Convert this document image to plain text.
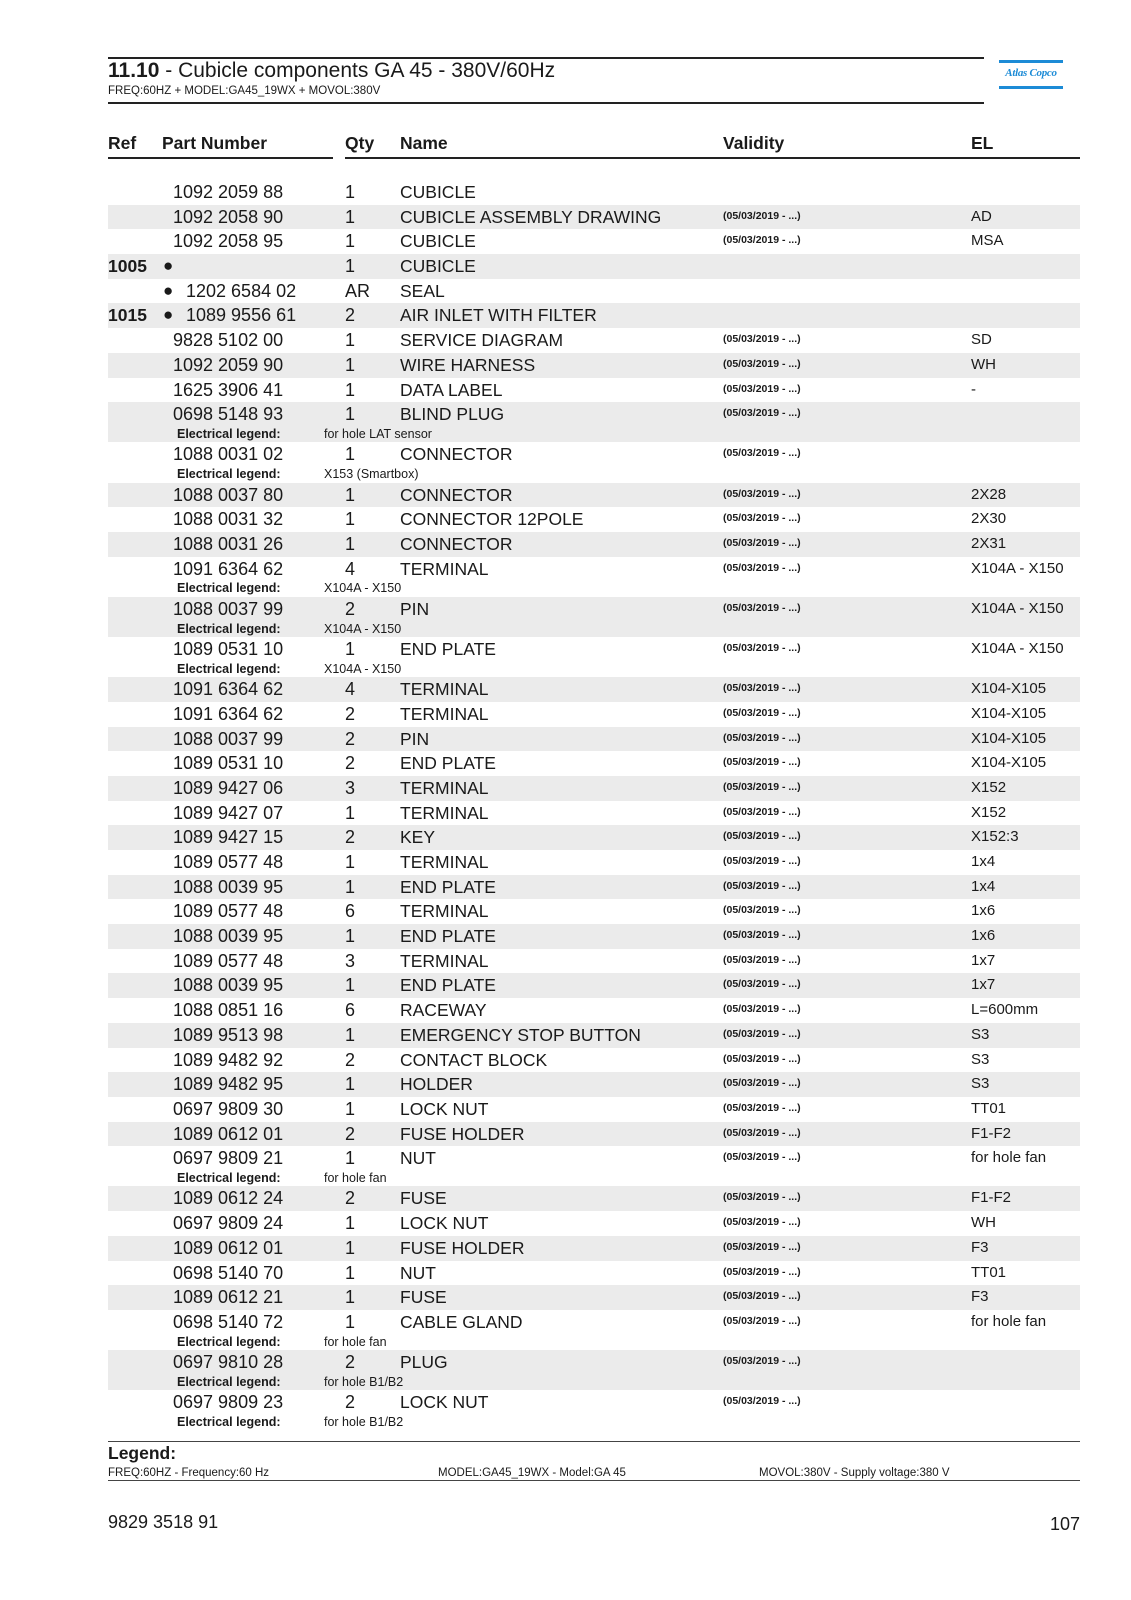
11.10 - Cubicle components GA 45 - 380V/60Hz
FREQ:60HZ + MODEL:GA45_19WX + MOVOL:380V
Atlas Copco
Ref Part Number	Qty Name	Validity	EL
1092 2059 88	1	CUBICLE
1092 2058 90	1	CUBICLE ASSEMBLY DRAWING	(05/03/2019 - ...)	AD
1092 2058 95	1	CUBICLE	(05/03/2019 - ...)	MSA
1005 ●	1	CUBICLE
● 1202 6584 02	AR SEAL
1015 ● 1089 9556 61	2	AIR INLET WITH FILTER
9828 5102 00	1	SERVICE DIAGRAM	(05/03/2019 - ...)	SD
1092 2059 90	1	WIRE HARNESS	(05/03/2019 - ...)	WH
1625 3906 41	1	DATA LABEL	(05/03/2019 - ...)	-
0698 5148 93	1	BLIND PLUG	(05/03/2019 - ...)
Electrical legend:	for hole LAT sensor
1088 0031 02	1	CONNECTOR	(05/03/2019 - ...)
Electrical legend:	X153 (Smartbox)
1088 0037 80	1	CONNECTOR	(05/03/2019 - ...)	2X28
1088 0031 32	1	CONNECTOR 12POLE	(05/03/2019 - ...)	2X30
1088 0031 26	1	CONNECTOR	(05/03/2019 - ...)	2X31
1091 6364 62	4	TERMINAL	(05/03/2019 - ...)	X104A - X150
Electrical legend:	X104A - X150
1088 0037 99	2	PIN	(05/03/2019 - ...)	X104A - X150
Electrical legend:	X104A - X150
1089 0531 10	1	END PLATE	(05/03/2019 - ...)	X104A - X150
Electrical legend:	X104A - X150
1091 6364 62	4	TERMINAL	(05/03/2019 - ...)	X104-X105
1091 6364 62	2	TERMINAL	(05/03/2019 - ...)	X104-X105
1088 0037 99	2	PIN	(05/03/2019 - ...)	X104-X105
1089 0531 10	2	END PLATE	(05/03/2019 - ...)	X104-X105
1089 9427 06	3	TERMINAL	(05/03/2019 - ...)	X152
1089 9427 07	1	TERMINAL	(05/03/2019 - ...)	X152
1089 9427 15	2	KEY	(05/03/2019 - ...)	X152:3
1089 0577 48	1	TERMINAL	(05/03/2019 - ...)	1x4
1088 0039 95	1	END PLATE	(05/03/2019 - ...)	1x4
1089 0577 48	6	TERMINAL	(05/03/2019 - ...)	1x6
1088 0039 95	1	END PLATE	(05/03/2019 - ...)	1x6
1089 0577 48	3	TERMINAL	(05/03/2019 - ...)	1x7
1088 0039 95	1	END PLATE	(05/03/2019 - ...)	1x7
1088 0851 16	6	RACEWAY	(05/03/2019 - ...)	L=600mm
1089 9513 98	1	EMERGENCY STOP BUTTON	(05/03/2019 - ...)	S3
1089 9482 92	2	CONTACT BLOCK	(05/03/2019 - ...)	S3
1089 9482 95	1	HOLDER	(05/03/2019 - ...)	S3
0697 9809 30	1	LOCK NUT	(05/03/2019 - ...)	TT01
1089 0612 01	2	FUSE HOLDER	(05/03/2019 - ...)	F1-F2
0697 9809 21	1	NUT	(05/03/2019 - ...)	for hole fan
Electrical legend:	for hole fan
1089 0612 24	2	FUSE	(05/03/2019 - ...)	F1-F2
0697 9809 24	1	LOCK NUT	(05/03/2019 - ...)	WH
1089 0612 01	1	FUSE HOLDER	(05/03/2019 - ...)	F3
0698 5140 70	1	NUT	(05/03/2019 - ...)	TT01
1089 0612 21	1	FUSE	(05/03/2019 - ...)	F3
0698 5140 72	1	CABLE GLAND	(05/03/2019 - ...)	for hole fan
Electrical legend:	for hole fan
0697 9810 28	2	PLUG	(05/03/2019 - ...)
Electrical legend:	for hole B1/B2
0697 9809 23	2	LOCK NUT	(05/03/2019 - ...)
Electrical legend:	for hole B1/B2
Legend:
FREQ:60HZ - Frequency:60 Hz	MODEL:GA45_19WX - Model:GA 45	MOVOL:380V - Supply voltage:380 V
9829 3518 91	107
